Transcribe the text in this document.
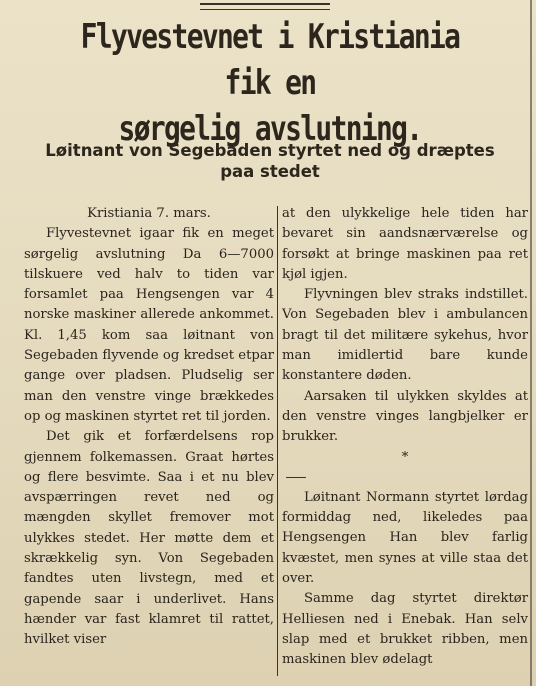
Flyvestevnet i Kristiania fik en
sørgelig avslutning.
Løitnant von Segebaden styrtet ned og dræptes paa stedet

Kristiania 7. mars.

Flyvestevnet igaar fik en meget sørgelig avslutning Da 6—7000 tilskuere ved halv to tiden var forsamlet paa Hengsengen var 4 norske maskiner allerede ankommet. Kl. 1,45 kom saa løitnant von Segebaden flyvende og kredset etpar gange over pladsen. Pludselig ser man den venstre vinge brækkedes op og maskinen styrtet ret til jorden.

Det gik et forfærdelsens rop gjennem folkemassen. Graat hørtes og flere besvimte. Saa i et nu blev avspærringen revet ned og mængden skyllet fremover mot ulykkes stedet. Her møtte dem et skrækkelig syn. Von Segebaden fandtes uten livstegn, med et gapende saar i underlivet. Hans hænder var fast klamret til rattet, hvilket viser

at den ulykkelige hele tiden har bevaret sin aandsnærværelse og forsøkt at bringe maskinen paa ret kjøl igjen.

Flyvningen blev straks indstillet. Von Segebaden blev i ambulancen bragt til det militære sykehus, hvor man imidlertid bare kunde konstantere døden.

Aarsaken til ulykken skyldes at den venstre vinges langbjelker er brukker.

*

Løitnant Normann styrtet lørdag formiddag ned, likeledes paa Hengsengen Han blev farlig kvæstet, men synes at ville staa det over.

Samme dag styrtet direktør Helliesen ned i Enebak. Han selv slap med et brukket ribben, men maskinen blev ødelagt
